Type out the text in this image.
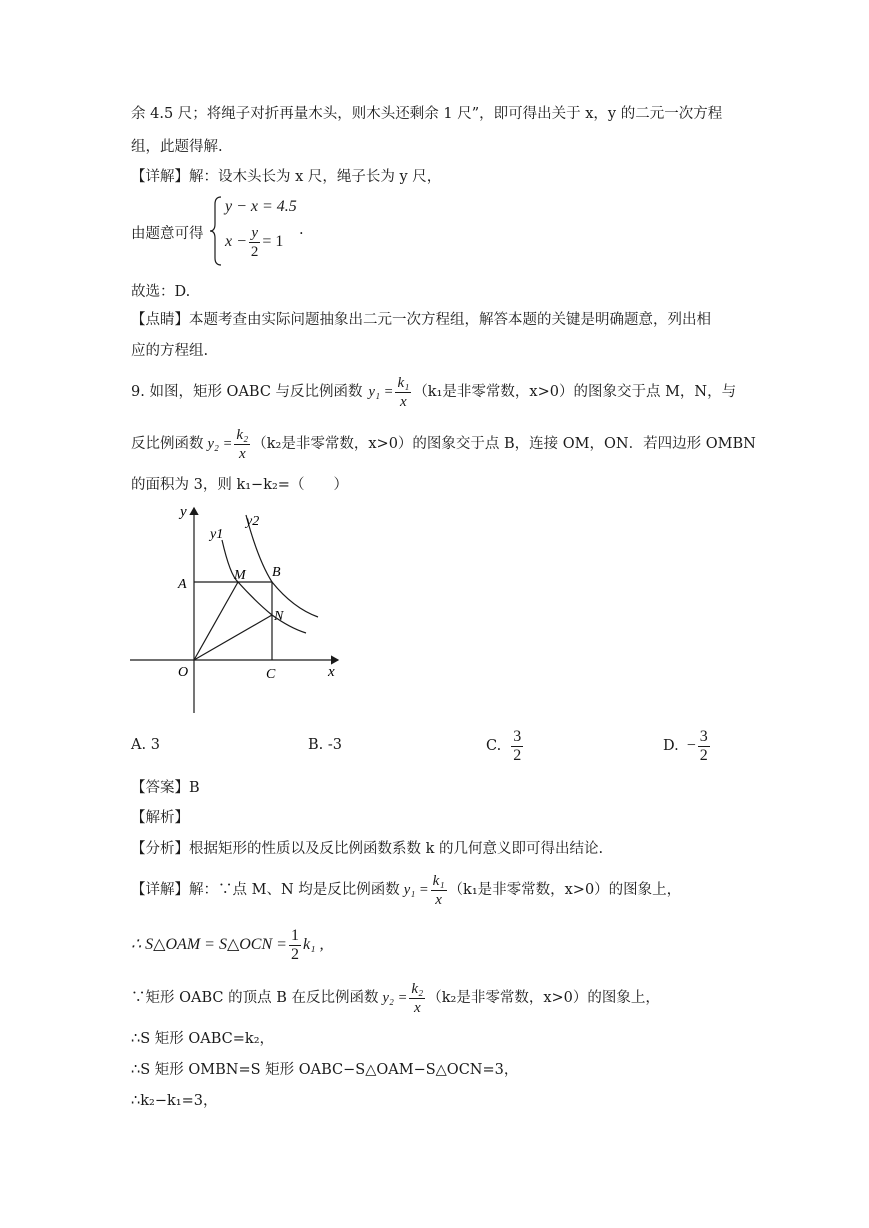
余 4.5 尺；将绳子对折再量木头，则木头还剩余 1 尺”，即可得出关于 x，y 的二元一次方程
组，此题得解.
【详解】解：设木头长为 x 尺，绳子长为 y 尺，
由题意可得
y − x = 4.5
$x - \frac{y}{2} = 1$
.
故选：D.
【点睛】本题考查由实际问题抽象出二元一次方程组，解答本题的关键是明确题意，列出相
应的方程组.
9. 如图，矩形 OABC 与反比例函数 $y_1 = \frac{\text{k₁}}{x} (k_1$是非零常数，x>0）的图象交于点 M，N，与
反比例函数 $y_2 = \frac{\text{k₂}}{x} (k_2$是非零常数，x>0）的图象交于点 B，连接 OM，ON．若四边形 OMBN
的面积为 3，则 k₁−k₂=（　　）
y
x
y1
y2
A
M B
N
O	C
A. 3	B. -3	C. $\frac{3}{2}$	D. − $\frac{3}{2}$
【答案】B
【解析】
【分析】根据矩形的性质以及反比例函数系数 k 的几何意义即可得出结论.
【详解】 解：∵点 M、N 均是反比例函数 $y_1 = \frac{\text{k₁}}{x} (k_1$是非零常数，x>0）的图象上，
∴ S△OAM = S△OCN = $\frac{1}{2} k_1$ ,
∵矩形 OABC 的顶点 B 在反比例函数 $y_2 = \frac{\text{k₂}}{x} (k_2$是非零常数，x>0）的图象上，
∴S 矩形 OABC=k₂，
∴S 矩形 OMBN=S 矩形 OABC−S△OAM−S△OCN=3，
∴k₂−k₁=3，
